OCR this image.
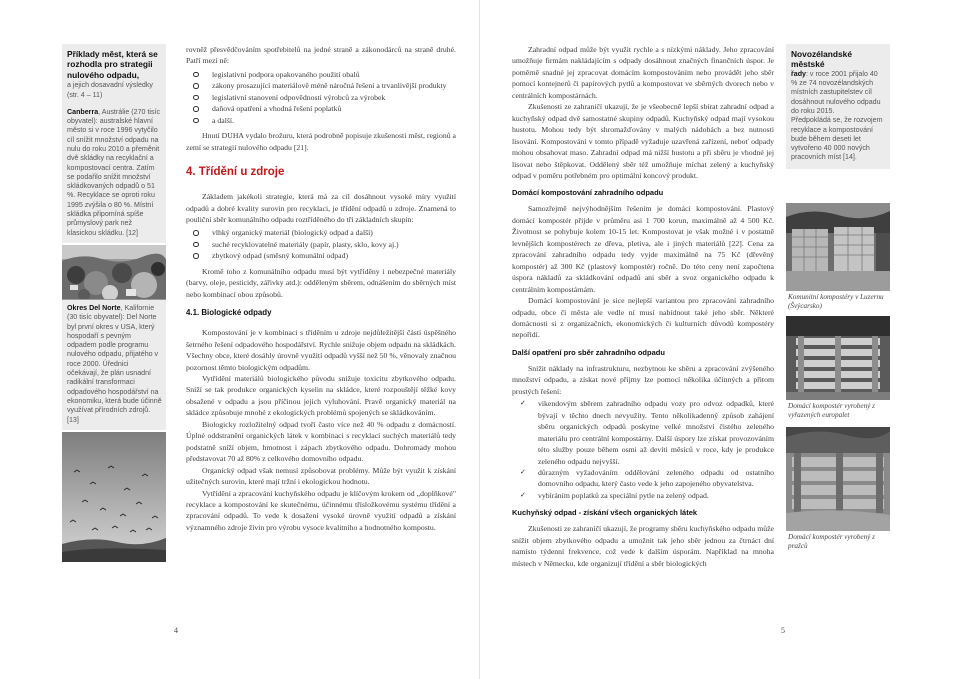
Příklady měst, která se
rozhodla pro strategii
nulového odpadu,
a jejich dosavadní výsledky
(str. 4 – 11)
Canberra, Austrálie (270 tisíc obyvatel): australské hlavní město si v roce 1996 vytyčilo cíl snížit množství odpadu na nulu do roku 2010 a přeměnit dvě skládky na recyklační a kompostovací centra. Zatím se podařilo snížit množství skládkovaných odpadů o 51 %. Recyklace se oproti roku 1995 zvýšila o 80 %. Místní skládka připomíná spíše průmyslový park než klasickou skládku. [12]
Okres Del Norte, Kalifornie (30 tisíc obyvatel): Del Norte byl první okres v USA, který hospodaří s pevným odpadem podle programu nulového odpadu, přijatého v roce 2000. Úřednici očekávají, že plán usnadní radikální transformaci odpadového hospodářství na ekonomiku, která bude účinně využívat přírodních zdrojů. [13]

rovněž přesvědčováním spotřebitelů na jedné straně a zákonodárců na straně druhé. Patří mezi ně:

legislativní podpora opakovaného použití obalů
zákony prosazující materiálově méně náročná řešení a trvanlivější produkty
legislativní stanovení odpovědnosti výrobců za výrobek
daňová opatření a vhodná řešení poplatků
a další.

Hnutí DUHA vydalo brožuru, která podrobně popisuje zkušenosti měst, regionů a zemí se strategií nulového odpadu [21].

4. Třídění u zdroje

Základem jakékoli strategie, která má za cíl dosáhnout vysoké míry využití odpadů a dobré kvality surovin pro recyklaci, je třídění odpadů u zdroje. Znamená to pouliční sběr komunálního odpadu roztříděného do tří základních skupin:

vlhký organický materiál (biologický odpad a další)
suché recyklovatelné materiály (papír, plasty, sklo, kovy aj.)
zbytkový odpad (směsný komunální odpad)

Kromě toho z komunálního odpadu musí být vytříděny i nebezpečné materiály (barvy, oleje, pesticidy, zářivky atd.): odděleným sběrem, odnášením do sběrných míst nebo kombinací obou způsobů.

4.1. Biologické odpady

Kompostování je v kombinaci s tříděním u zdroje nejdůležitější částí úspěšného šetrného řešení odpadového hospodářství. Rychle snižuje objem odpadu na skládkách. Všechny obce, které dosáhly úrovně využití odpadů vyšší než 50 %, věnovaly značnou pozornost těmto biologickým odpadům.

Vytřídění materiálů biologického původu snižuje toxicitu zbytkového odpadu. Sníží se tak produkce organických kyselin na skládce, které rozpouštějí těžké kovy obsažené v odpadu a jsou příčinou jejich vyluhování. Pravě organický materiál na skládce způsobuje mnohé z ekologických problémů spojených se skládkováním.

Biologicky rozložitelný odpad tvoří často více než 40 % odpadu z domácností. Úplné oddstranění organických látek v kombinaci s recyklací suchých materiálů tedy podstatně sníží objem, hmotnost i zápach zbytkového odpadu. Dohromady mohou představovat 70 až 80% z celkového domovního odpadu.

Organický odpad však nemusí způsobovat problémy. Může být využit k získání užitečných surovin, které mají tržní i ekologickou hodnotu.

Vytřídění a zpracování kuchyňského odpadu je klíčovým krokem od „doplňkové" recyklace a kompostování ke skutečnému, účinnému třísložkovému systému třídění a zpracování odpadů. To vede k dosažení vysoké úrovně využití odpadů a získání významného zdroje živin pro výrobu vysoce kvalitního a hodnotného kompostu.

4

Zahradní odpad může být využit rychle a s nízkými náklady. Jeho zpracování umožňuje firmám nakládajícím s odpady dosáhnout značných finančních úspor. Je poměrně snadné jej zpracovat domácím kompostováním nebo provádět jeho sběr pomocí kontejnerů či papírových pytlů a kompostovat ve sběrných dvorech nebo v centrálních kompostárnách.

Zkušenosti ze zahraničí ukazují, že je všeobecně lepší sbírat zahradní odpad a kuchyňský odpad dvě samostatné skupiny odpadů. Kuchyňský odpad mají vysokou hustotu. Mohou tedy být shromažďovány v malých nádobách a bez nutnosti lisování. Kompostování v tomto případě vyžaduje uzavřená zařízení, neboť odpady mohou obsahovat maso. Zahradní odpad má nižší hustotu a při sběru je vhodné jej lisovat nebo štěpkovat. Oddělený sběr též umožňuje míchat zelený a kuchyňský odpad v poměru potřebném pro optimální koncový produkt.

Domácí kompostování zahradního odpadu

Samozřejmě nejvýhodnějším řešením je domácí kompostování. Plastový domácí kompostér přijde v průměru asi 1 700 korun, maximálně až 4 500 Kč. Životnost se pohybuje kolem 10-15 let. Kompostovat je však možné i v postatně levnějších kompostérech ze dřeva, pletiva, ale i jiných materiálů [22]. Cena za zpracování zahradního odpadu tedy vyjde maximálně na 75 Kč (dřevěný kompostér) až 300 Kč (plastový kompostér) ročně. Do této ceny není započtena úspora nákladů za skládkování odpadů ani sběr a svoz organického odpadu k centrálním kompostárnám.

Domácí kompostování je sice nejlepší variantou pro zpracování zahradního odpadu, obce či města ale vedle ní musí nabídnout také jeho sběr. Některé domácnosti si z organizačních, ekonomických či kulturních důvodů kompostéry nepořídí.

Další opatření pro sběr zahradního odpadu

Snížit náklady na infrastrukturu, nezbytnou ke sběru a zpracování zvýšeného množství odpadu, a získat nové příjmy lze pomocí několika účinných a přitom prostých řešení:

✓ vikendovým sběrem zahradního odpadu vozy pro odvoz odpadků, které bývají v těchto dnech nevyužity. Tento několikadenný způsob zahájení sběru organických odpadů poskytne velké množství čistého zeleného materiálu pro centrální kompostárny. Další úspory lze získat provozováním této služby pouze během osmi až devíti měsíců v roce, kdy je produkce zeleného odpadu nejvyšší.
✓ důrazným vyžadováním oddělování zeleného odpadu od ostatního domovního odpadu, který často vede k jeho zapojeného obyvatelstva.
✓ vybíráním poplatků za speciální pytle na zelený odpad.
Kuchyňský odpad - získání všech organických látek

Zkušenosti ze zahraničí ukazují, že programy sběru kuchyňského odpadu může snížit objem zbytkového odpadu a umožnit tak jeho sběr jednou za čtrnáct dní namísto týdenní frekvence, což vede k dalším úsporám. Například na mnoha místech v Německu, kde organizují třídění a sběr biologických

Novozélandské městské
řady: v roce 2001 přijalo 40 % ze 74 novozélandských místních zastupitelstev cíl dosáhnout nulového odpadu do roku 2015.
Předpokládá se, že rozvojem recyklace a kompostování bude během deseti let vytvořeno 40 000 nových pracovních míst [14].
Komunitní kompostéry v Luzernu (Švýcarsko)
Domácí kompostér vyrobený z vyřazených europalet
Domácí kompostér vyrobený z pražců
5
